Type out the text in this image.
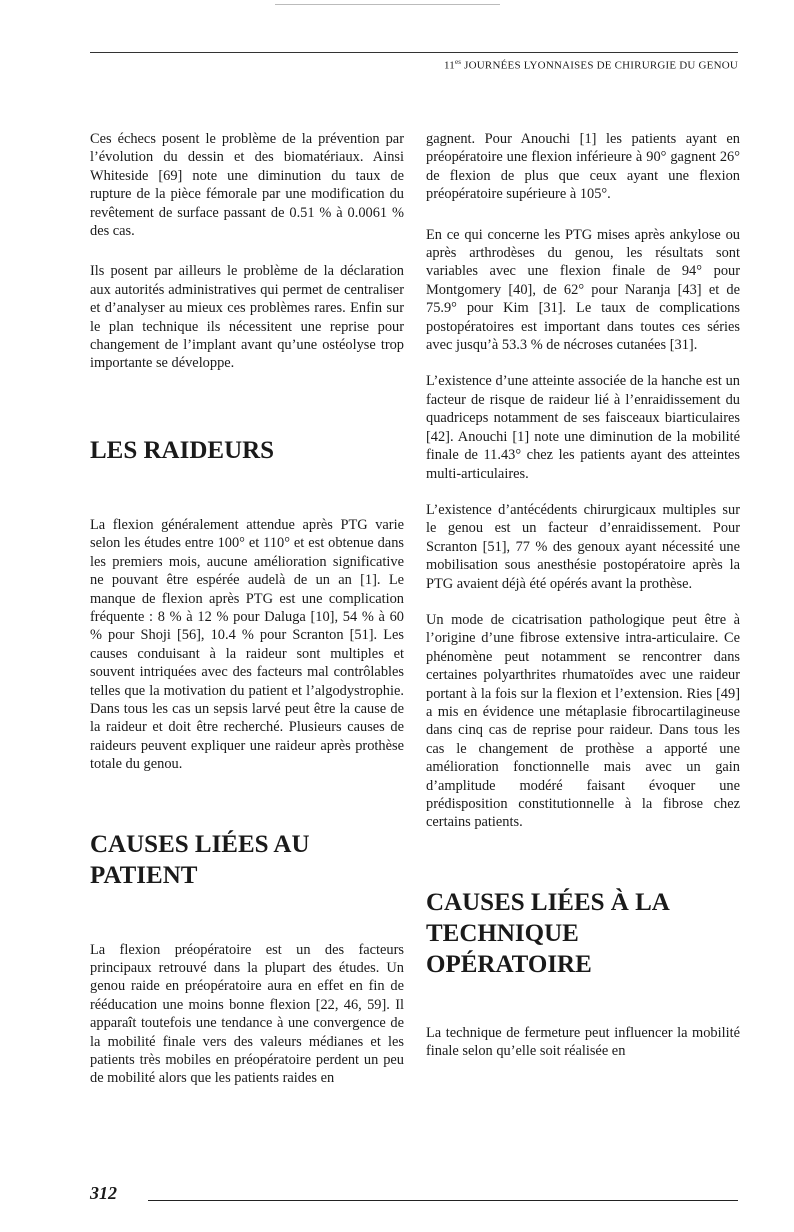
$11^{es}$ JOURNÉES LYONNAISES DE CHIRURGIE DU GENOU

Ces échecs posent le problème de la prévention par l’évolution du dessin et des biomatériaux. Ainsi Whiteside [69] note une diminution du taux de rupture de la pièce fémorale par une modification du revêtement de surface passant de 0.51 % à 0.0061 % des cas.

Ils posent par ailleurs le problème de la déclaration aux autorités administratives qui permet de centraliser et d’analyser au mieux ces problèmes rares. Enfin sur le plan technique ils nécessitent une reprise pour changement de l’implant avant qu’une ostéolyse trop importante se développe.

LES RAIDEURS

La flexion généralement attendue après PTG varie selon les études entre 100° et 110° et est obtenue dans les premiers mois, aucune amélioration significative ne pouvant être espérée audelà de un an [1]. Le manque de flexion après PTG est une complication fréquente : 8 % à 12 % pour Daluga [10], 54 % à 60 % pour Shoji [56], 10.4 % pour Scranton [51]. Les causes conduisant à la raideur sont multiples et souvent intriquées avec des facteurs mal contrôlables telles que la motivation du patient et l’algodystrophie. Dans tous les cas un sepsis larvé peut être la cause de la raideur et doit être recherché. Plusieurs causes de raideurs peuvent expliquer une raideur après prothèse totale du genou.

CAUSES LIÉES AU
PATIENT

La flexion préopératoire est un des facteurs principaux retrouvé dans la plupart des études. Un genou raide en préopératoire aura en effet en fin de rééducation une moins bonne flexion [22, 46, 59]. Il apparaît toutefois une tendance à une convergence de la mobilité finale vers des valeurs médianes et les patients très mobiles en préopératoire perdent un peu de mobilité alors que les patients raides en

gagnent. Pour Anouchi [1] les patients ayant en préopératoire une flexion inférieure à 90° gagnent 26° de flexion de plus que ceux ayant une flexion préopératoire supérieure à 105°.

En ce qui concerne les PTG mises après ankylose ou après arthrodèses du genou, les résultats sont variables avec une flexion finale de 94° pour Montgomery [40], de 62° pour Naranja [43] et de 75.9° pour Kim [31]. Le taux de complications postopératoires est important dans toutes ces séries avec jusqu’à 53.3 % de nécroses cutanées [31].

L’existence d’une atteinte associée de la hanche est un facteur de risque de raideur lié à l’enraidissement du quadriceps notamment de ses faisceaux biarticulaires [42]. Anouchi [1] note une diminution de la mobilité finale de 11.43° chez les patients ayant des atteintes multi-articulaires.

L’existence d’antécédents chirurgicaux multiples sur le genou est un facteur d’enraidissement. Pour Scranton [51], 77 % des genoux ayant nécessité une mobilisation sous anesthésie postopératoire après la PTG avaient déjà été opérés avant la prothèse.

Un mode de cicatrisation pathologique peut être à l’origine d’une fibrose extensive intra-articulaire. Ce phénomène peut notamment se rencontrer dans certaines polyarthrites rhumatoïdes avec une raideur portant à la fois sur la flexion et l’extension. Ries [49] a mis en évidence une métaplasie fibrocartilagineuse dans cinq cas de reprise pour raideur. Dans tous les cas le changement de prothèse a apporté une amélioration fonctionnelle mais avec un gain d’amplitude modéré faisant évoquer une prédisposition constitutionnelle à la fibrose chez certains patients.

CAUSES LIÉES À LA
TECHNIQUE OPÉRATOIRE

La technique de fermeture peut influencer la mobilité finale selon qu’elle soit réalisée en

312
